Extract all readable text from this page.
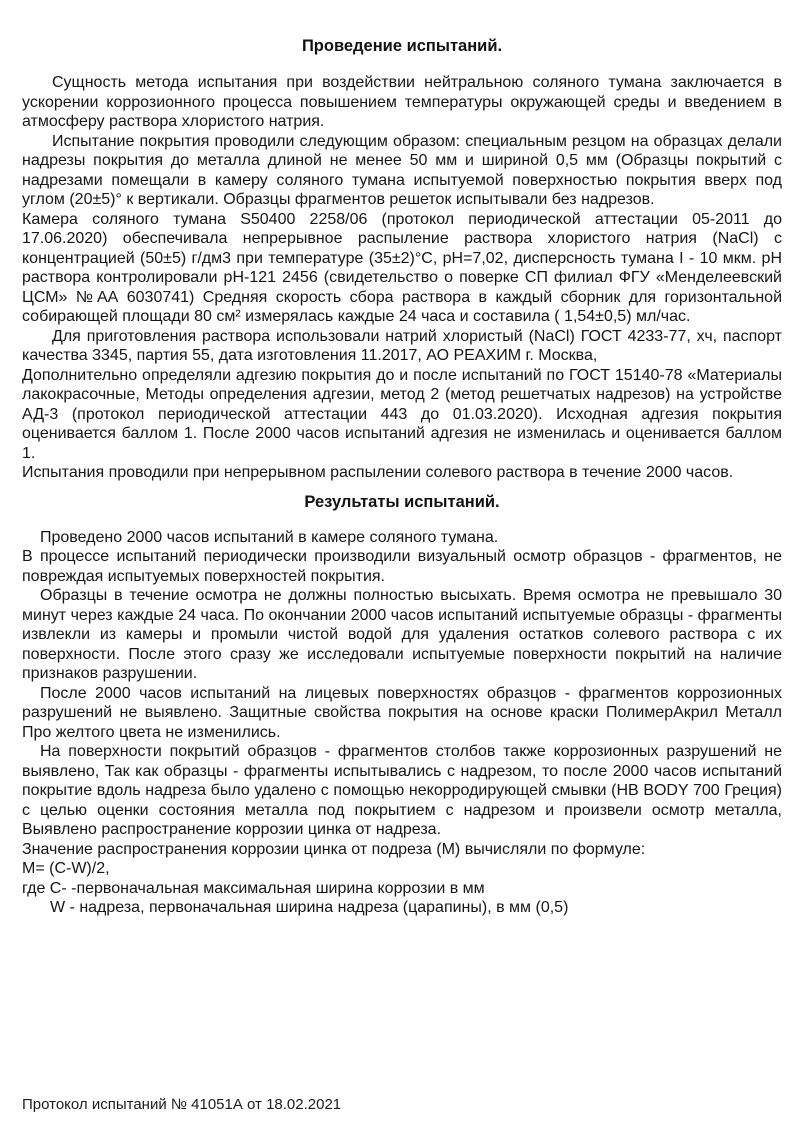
Проведение испытаний.

Сущность метода испытания при воздействии нейтральною соляного тумана заключается в ускорении коррозионного процесса повышением температуры окружающей среды и введением в атмосферу раствора хлористого натрия.

Испытание покрытия проводили следующим образом: специальным резцом на образцах делали надрезы покрытия до металла длиной не менее 50 мм и шириной 0,5 мм (Образцы покрытий с надрезами помещали в камеру соляного тумана испытуемой поверхностью покрытия вверх под углом (20±5)° к вертикали. Образцы фрагментов решеток испытывали без надрезов.

Камера соляного тумана S50400 2258/06 (протокол периодической аттестации 05-2011 до 17.06.2020) обеспечивала непрерывное распыление раствора хлористого натрия (NaCl) с концентрацией (50±5) г/дм3 при температуре (35±2)°С, рН=7,02, дисперсность тумана I - 10 мкм. рН раствора контролировали рН-121 2456 (свидетельство о поверке СП филиал ФГУ «Менделеевский ЦСМ» №АА 6030741) Средняя скорость сбора раствора в каждый сборник для горизонтальной собирающей площади 80 см² измерялась каждые 24 часа и составила ( 1,54±0,5) мл/час.

Для приготовления раствора использовали натрий хлористый (NaCl) ГОСТ 4233-77, хч, паспорт качества 3345, партия 55, дата изготовления 11.2017, АО РЕАХИМ г. Москва,

Дополнительно определяли адгезию покрытия до и после испытаний по ГОСТ 15140-78 «Материалы лакокрасочные, Методы определения адгезии, метод 2 (метод решетчатых надрезов) на устройстве АД-3 (протокол периодической аттестации 443 до 01.03.2020). Исходная адгезия покрытия оценивается баллом 1. После 2000 часов испытаний адгезия не изменилась и оценивается баллом 1.

Испытания проводили при непрерывном распылении солевого раствора в течение 2000 часов.

Результаты испытаний.

Проведено 2000 часов испытаний в камере соляного тумана.

В процессе испытаний периодически производили визуальный осмотр образцов - фрагментов, не повреждая испытуемых поверхностей покрытия.

Образцы в течение осмотра не должны полностью высыхать. Время осмотра не превышало 30 минут через каждые 24 часа. По окончании 2000 часов испытаний испытуемые образцы - фрагменты извлекли из камеры и промыли чистой водой для удаления остатков солевого раствора с их поверхности. После этого сразу же исследовали испытуемые поверхности покрытий на наличие признаков разрушении.

После 2000 часов испытаний на лицевых поверхностях образцов - фрагментов коррозионных разрушений не выявлено. Защитные свойства покрытия на основе краски ПолимерАкрил Металл Про желтого цвета не изменились.

На поверхности покрытий образцов - фрагментов столбов также коррозионных разрушений не выявлено, Так как образцы - фрагменты испытывались с надрезом, то после 2000 часов испытаний покрытие вдоль надреза было удалено с помощью некорродирующей смывки (НВ BODY 700 Греция) с целью оценки состояния металла под покрытием с надрезом и произвели осмотр металла, Выявлено распространение коррозии цинка от надреза.

Значение распространения коррозии цинка от подреза (М) вычисляли по формуле:

М= (C-W)/2,

где С- -первоначальная максимальная ширина коррозии в мм

W - надреза, первоначальная ширина надреза (царапины), в мм (0,5)

Протокол испытаний № 41051А от 18.02.2021
